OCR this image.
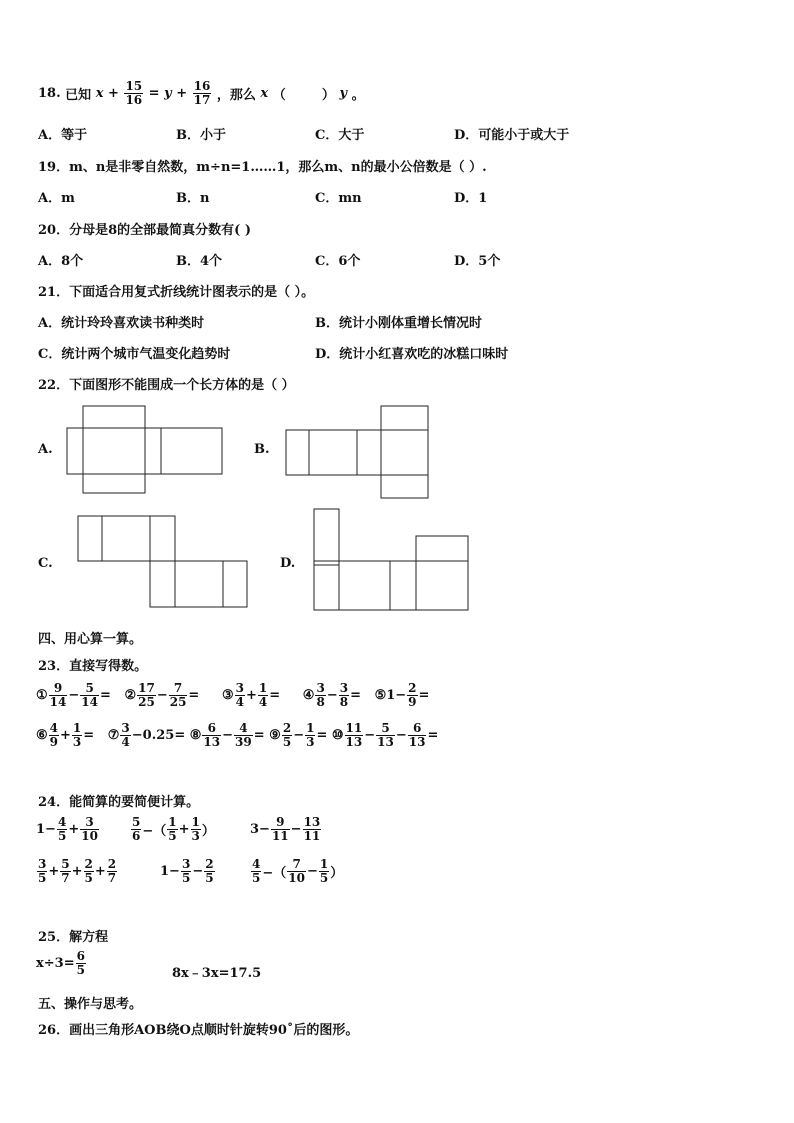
18. 已知 $x + \frac{15}{16} = y + \frac{16}{17}$ ，那么 x （        ） y 。
A．等于	B．小于	C．大于	D．可能小于或大于
19．m、n是非零自然数，m÷n=1……1，那么m、n的最小公倍数是（ ）.
A．m	B．n	C．mn	D．1
20．分母是8的全部最简真分数有( )
A．8个	B．4个	C．6个	D．5个
21．下面适合用复式折线统计图表示的是（ ）。
A．统计玲玲喜欢读书种类时	B．统计小刚体重增长情况时
C．统计两个城市气温变化趋势时	D．统计小红喜欢吃的冰糕口味时
22．下面图形不能围成一个长方体的是（ ）
A.	B.
C.	D.
四、用心算一算。
23．直接写得数。
① $\frac{9}{14} - \frac{5}{14}$ = ② $\frac{17}{25} - \frac{7}{25}$ = ③ $\frac{3}{4} + \frac{1}{4}$ = ④ $\frac{3}{8} - \frac{3}{8}$ = ⑤1− $\frac{2}{9}$ =
⑥ $\frac{4}{9} + \frac{1}{3}$ = ⑦ $\frac{3}{4} -0.25=$ ⑧ $\frac{6}{13} - \frac{4}{39}$ = ⑨ $\frac{2}{5} - \frac{1}{3}$ = ⑩ $\frac{11}{13} - \frac{5}{13} - \frac{6}{13}$ =
24．能简算的要简便计算。
$1- \frac{4}{5} + \frac{3}{10}$	$\frac{5}{6}$ −（ $\frac{1}{5} + \frac{1}{3}$ ）	$3- \frac{9}{11} - \frac{13}{11}$
$\frac{3}{5} + \frac{5}{7} + \frac{2}{5} + \frac{2}{7}$	$1- \frac{3}{5} - \frac{2}{5}$	$\frac{4}{5}$ −（ $\frac{7}{10} - \frac{1}{5}$ ）
25．解方程
$x\div 3= \frac{6}{5}$	8x﹣3x=17.5
五、操作与思考。
26．画出三角形AOB绕O点顺时针旋转90˚后的图形。
